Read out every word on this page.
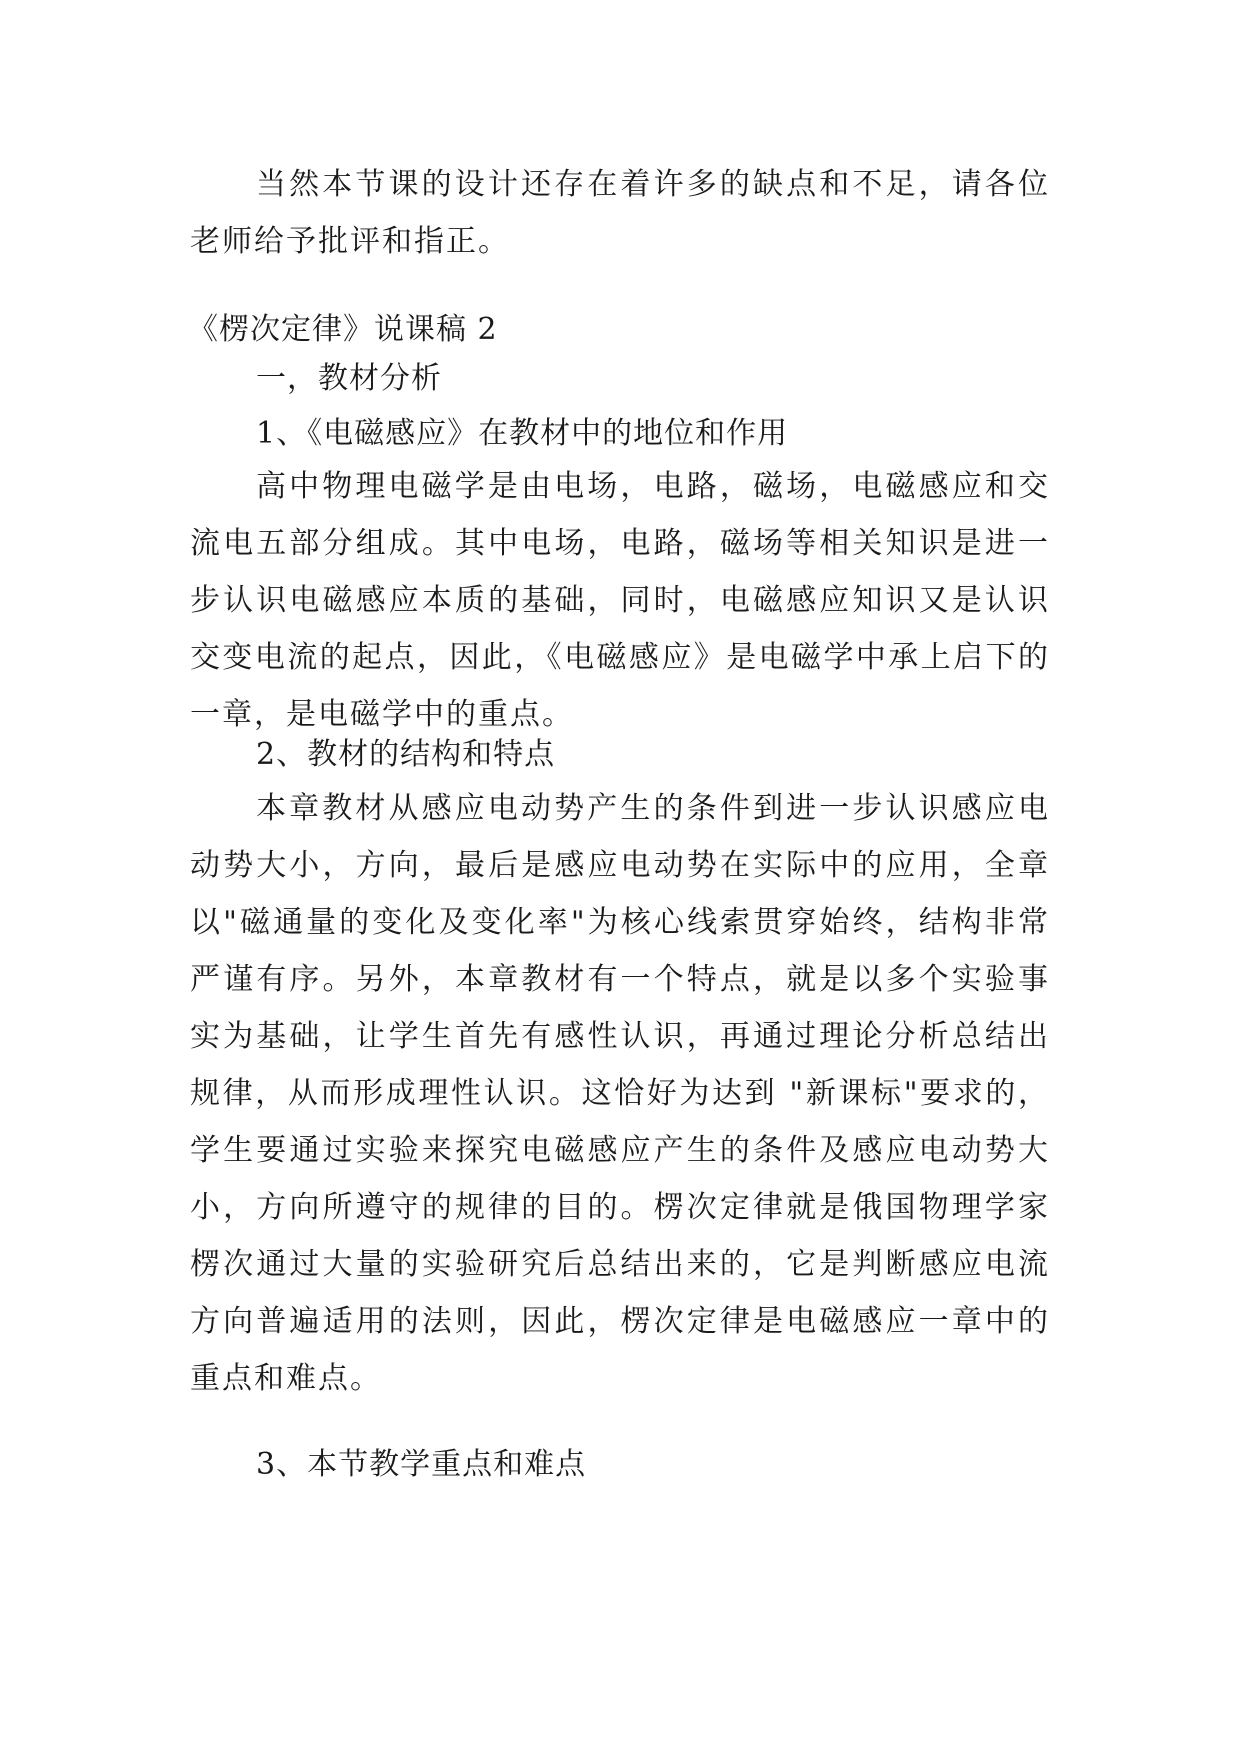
当然本节课的设计还存在着许多的缺点和不足，请各位老师给予批评和指正。

《楞次定律》说课稿 2

一，教材分析

1、《电磁感应》在教材中的地位和作用

高中物理电磁学是由电场，电路，磁场，电磁感应和交流电五部分组成。其中电场，电路，磁场等相关知识是进一步认识电磁感应本质的基础，同时，电磁感应知识又是认识交变电流的起点，因此，《电磁感应》是电磁学中承上启下的一章，是电磁学中的重点。

2、教材的结构和特点

本章教材从感应电动势产生的条件到进一步认识感应电动势大小，方向，最后是感应电动势在实际中的应用，全章以"磁通量的变化及变化率"为核心线索贯穿始终，结构非常严谨有序。另外，本章教材有一个特点，就是以多个实验事实为基础，让学生首先有感性认识，再通过理论分析总结出规律，从而形成理性认识。这恰好为达到 "新课标"要求的，学生要通过实验来探究电磁感应产生的条件及感应电动势大小，方向所遵守的规律的目的。楞次定律就是俄国物理学家楞次通过大量的实验研究后总结出来的，它是判断感应电流方向普遍适用的法则，因此，楞次定律是电磁感应一章中的重点和难点。

3、本节教学重点和难点
